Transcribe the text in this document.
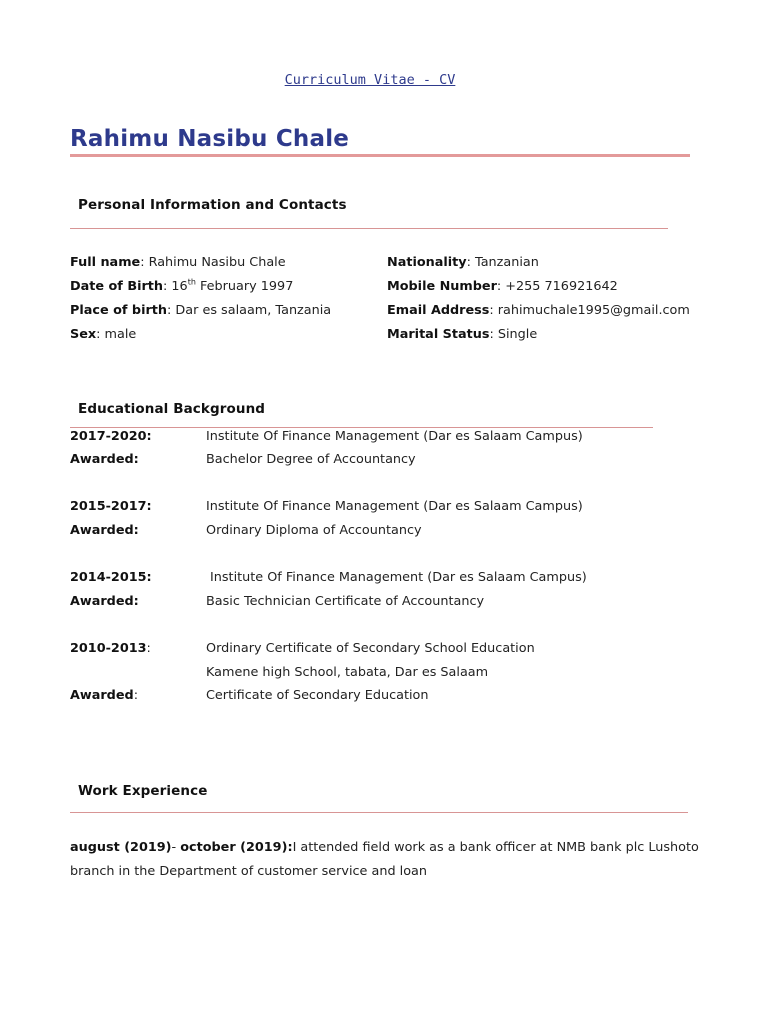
Curriculum Vitae - CV
Rahimu Nasibu Chale
Personal Information and Contacts
Full name: Rahimu Nasibu Chale
Date of Birth: 16th February 1997
Place of birth: Dar es salaam, Tanzania
Sex: male
Nationality: Tanzanian
Mobile Number: +255 716921642
Email Address: rahimuchale1995@gmail.com
Marital Status: Single
Educational Background
2017-2020:	Institute Of Finance Management (Dar es Salaam Campus)
Awarded:	Bachelor Degree of Accountancy
2015-2017:	Institute Of Finance Management (Dar es Salaam Campus)
Awarded:	Ordinary Diploma of Accountancy
2014-2015:	Institute Of Finance Management (Dar es Salaam Campus)
Awarded:	Basic Technician Certificate of Accountancy
2010-2013:	Ordinary Certificate of Secondary School Education
Kamene high School, tabata, Dar es Salaam
Awarded:	Certificate of Secondary Education
Work Experience
august (2019)- october (2019):I attended field work as a bank officer at NMB bank plc Lushoto branch in the Department of customer service and loan
